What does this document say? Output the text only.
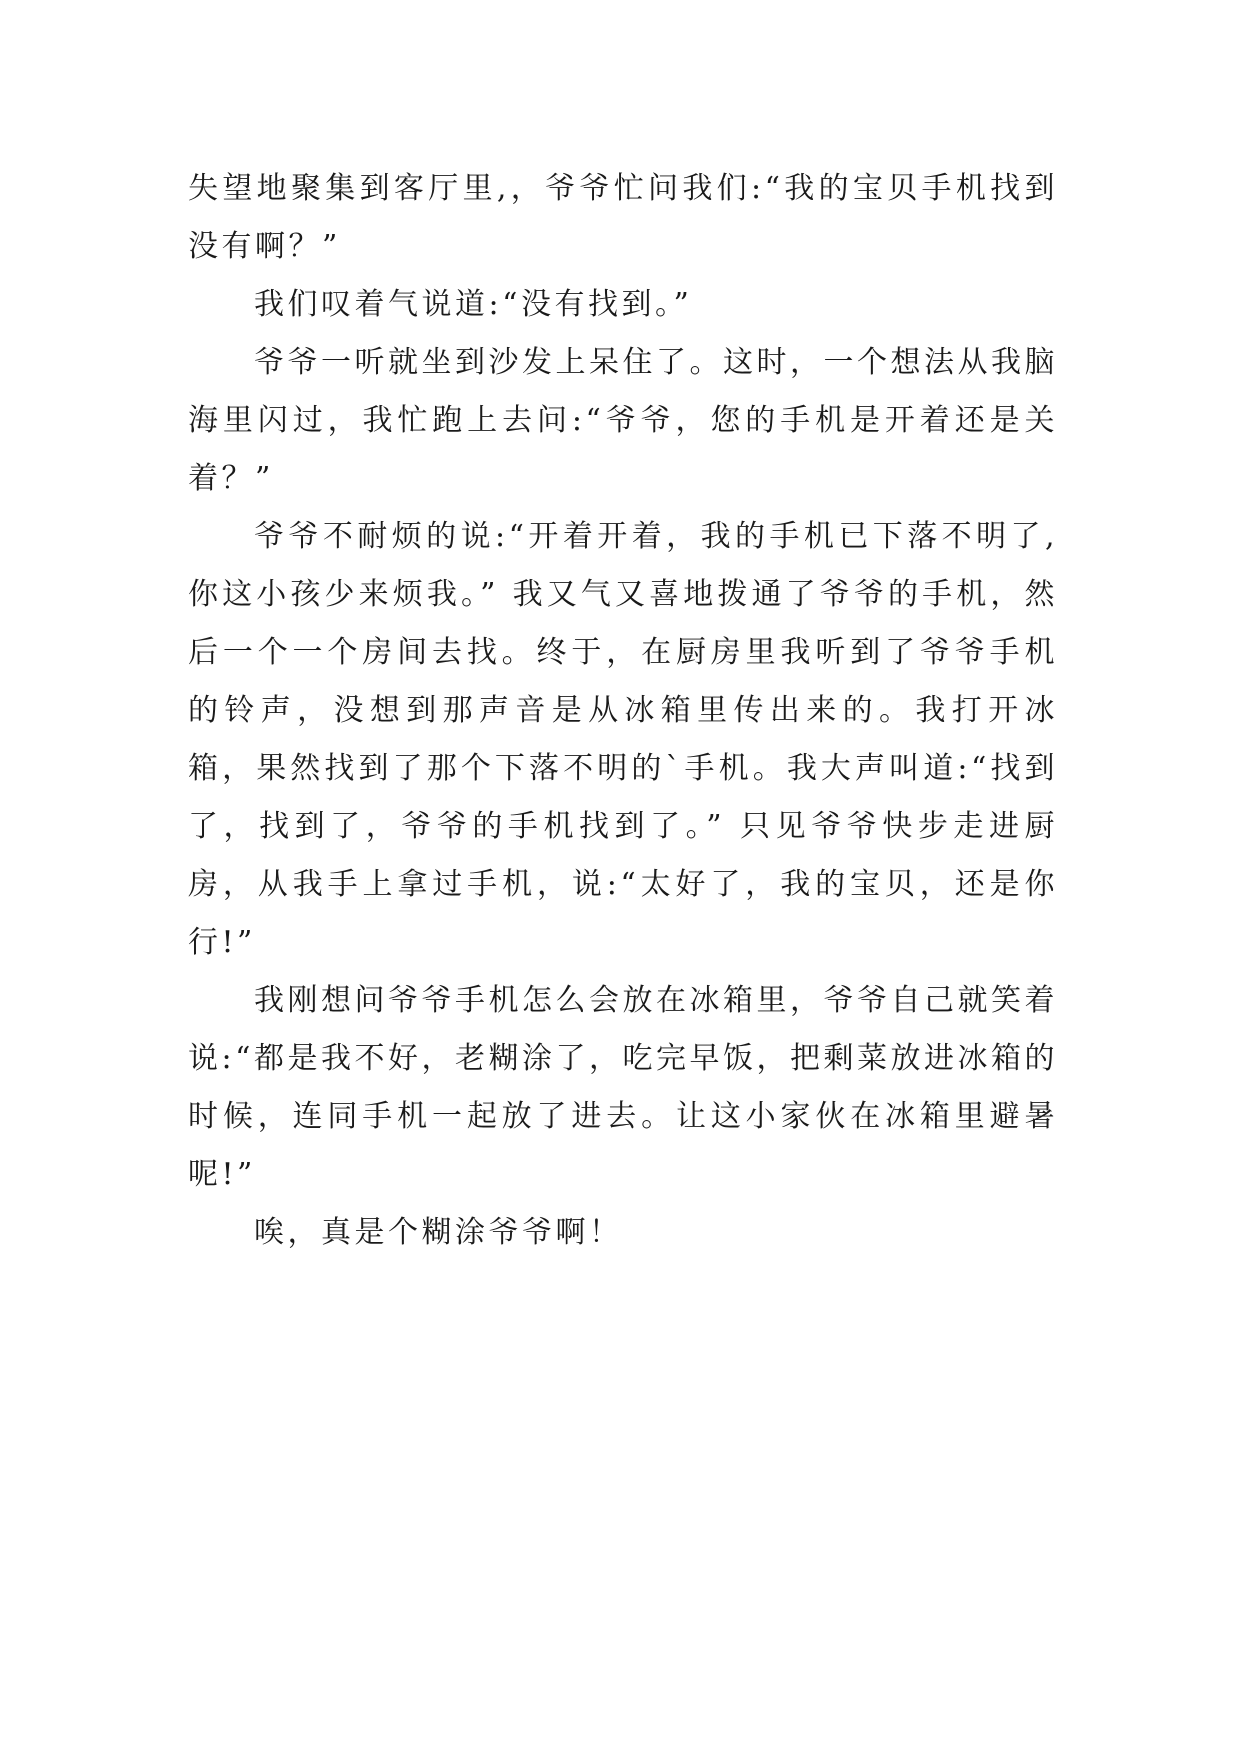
失望地聚集到客厅里,，爷爷忙问我们:“我的宝贝手机找到没有啊？”

我们叹着气说道:“没有找到。”

爷爷一听就坐到沙发上呆住了。这时，一个想法从我脑海里闪过，我忙跑上去问:“爷爷，您的手机是开着还是关着？”

爷爷不耐烦的说:“开着开着，我的手机已下落不明了,你这小孩少来烦我。” 我又气又喜地拨通了爷爷的手机，然后一个一个房间去找。终于，在厨房里我听到了爷爷手机的铃声，没想到那声音是从冰箱里传出来的。我打开冰箱，果然找到了那个下落不明的`手机。我大声叫道:“找到了，找到了，爷爷的手机找到了。” 只见爷爷快步走进厨房，从我手上拿过手机，说:“太好了，我的宝贝，还是你行!”

我刚想问爷爷手机怎么会放在冰箱里，爷爷自己就笑着说:“都是我不好，老糊涂了，吃完早饭，把剩菜放进冰箱的时候，连同手机一起放了进去。让这小家伙在冰箱里避暑呢!”

唉，真是个糊涂爷爷啊！
